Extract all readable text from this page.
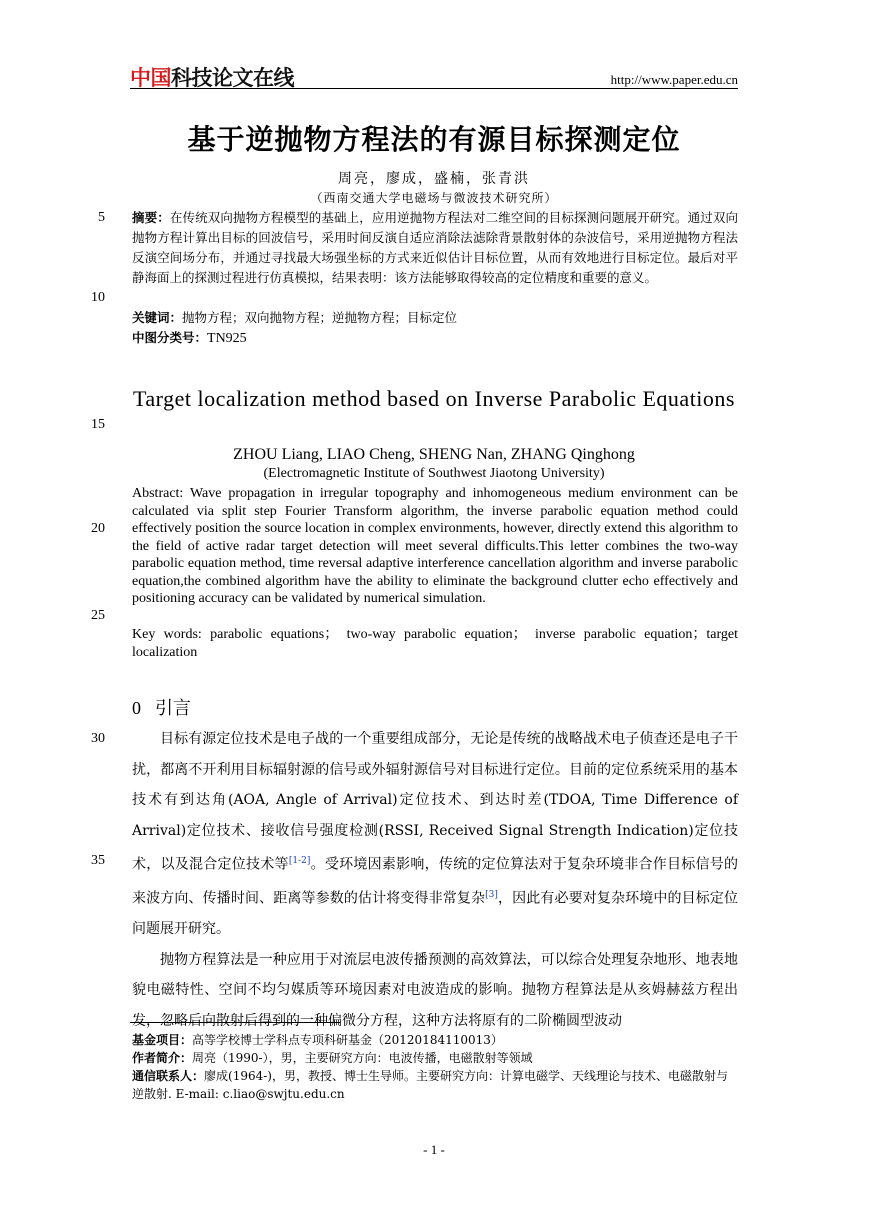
中国科技论文在线	http://www.paper.edu.cn
基于逆抛物方程法的有源目标探测定位
周亮，廖成，盛楠，张青洪
（西南交通大学电磁场与微波技术研究所）
5
10
15
20
25
30
35
摘要：在传统双向抛物方程模型的基础上，应用逆抛物方程法对二维空间的目标探测问题展开研究。通过双向抛物方程计算出目标的回波信号，采用时间反演自适应消除法滤除背景散射体的杂波信号，采用逆抛物方程法反演空间场分布，并通过寻找最大场强坐标的方式来近似估计目标位置，从而有效地进行目标定位。最后对平静海面上的探测过程进行仿真模拟，结果表明：该方法能够取得较高的定位精度和重要的意义。
关键词：抛物方程；双向抛物方程；逆抛物方程；目标定位
中图分类号：TN925
Target localization method based on Inverse Parabolic Equations
ZHOU Liang, LIAO Cheng, SHENG Nan, ZHANG Qinghong
(Electromagnetic Institute of Southwest Jiaotong University)
Abstract: Wave propagation in irregular topography and inhomogeneous medium environment can be calculated via split step Fourier Transform algorithm, the inverse parabolic equation method could effectively position the source location in complex environments, however, directly extend this algorithm to the field of active radar target detection will meet several difficults.This letter combines the two-way parabolic equation method, time reversal adaptive interference cancellation algorithm and inverse parabolic equation,the combined algorithm have the ability to eliminate the background clutter echo effectively and positioning accuracy can be validated by numerical simulation.
Key words: parabolic equations； two-way parabolic equation； inverse parabolic equation；target localization
0 引言

目标有源定位技术是电子战的一个重要组成部分，无论是传统的战略战术电子侦查还是电子干扰，都离不开利用目标辐射源的信号或外辐射源信号对目标进行定位。目前的定位系统采用的基本技术有到达角(AOA, Angle of Arrival)定位技术、到达时差(TDOA, Time Difference of Arrival)定位技术、接收信号强度检测(RSSI, Received Signal Strength Indication)定位技术，以及混合定位技术等[1-2]。受环境因素影响，传统的定位算法对于复杂环境非合作目标信号的来波方向、传播时间、距离等参数的估计将变得非常复杂[3]，因此有必要对复杂环境中的目标定位问题展开研究。

抛物方程算法是一种应用于对流层电波传播预测的高效算法，可以综合处理复杂地形、地表地貌电磁特性、空间不均匀媒质等环境因素对电波造成的影响。抛物方程算法是从亥姆赫兹方程出发，忽略后向散射后得到的一种偏微分方程，这种方法将原有的二阶椭圆型波动

基金项目：高等学校博士学科点专项科研基金（20120184110013）
作者简介：周亮（1990-），男，主要研究方向：电波传播，电磁散射等领域
通信联系人：廖成(1964-)，男，教授、博士生导师。主要研究方向：计算电磁学、天线理论与技术、电磁散射与逆散射. E-mail: c.liao@swjtu.edu.cn
- 1 -
